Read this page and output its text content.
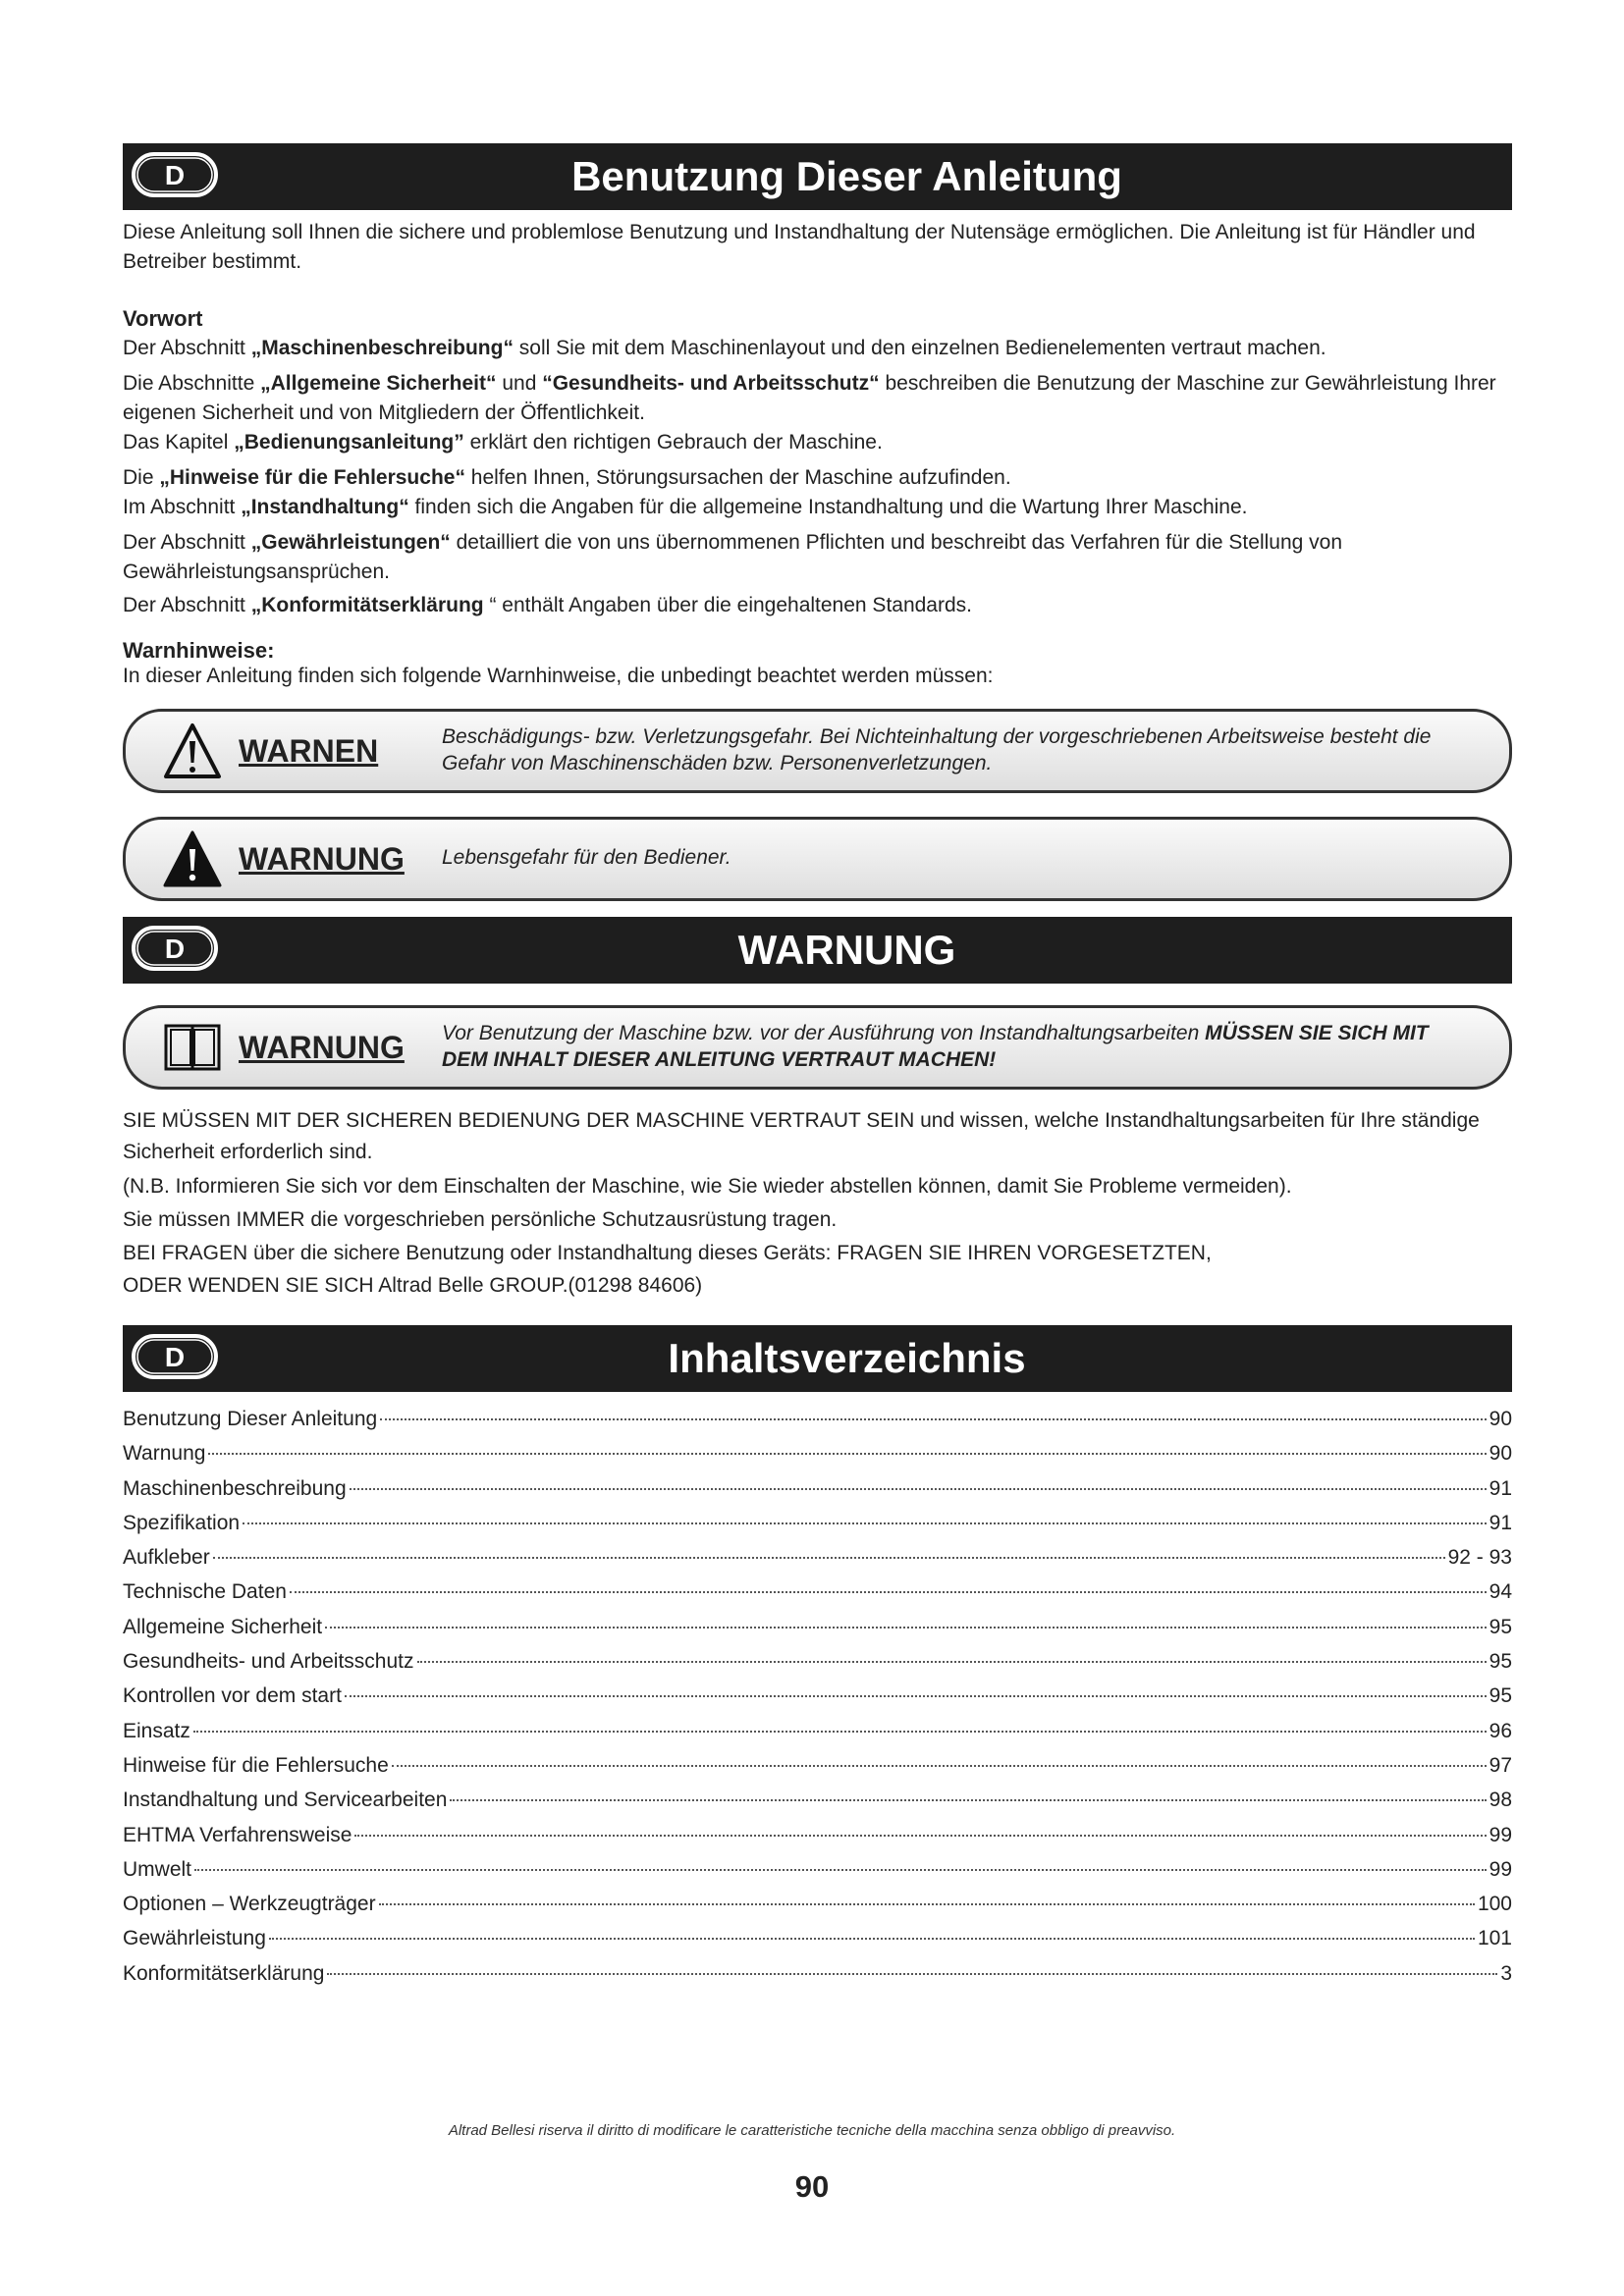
D	Benutzung Dieser Anleitung

Diese Anleitung soll Ihnen die sichere und problemlose Benutzung und Instandhaltung der Nutensäge ermöglichen. Die Anleitung ist für Händler und Betreiber bestimmt.

Vorwort

Der Abschnitt „Maschinenbeschreibung“ soll Sie mit dem Maschinenlayout und den einzelnen Bedienelementen vertraut machen.

Die Abschnitte „Allgemeine Sicherheit“ und “Gesundheits- und Arbeitsschutz“ beschreiben die Benutzung der Maschine zur Gewährleistung Ihrer eigenen Sicherheit und von Mitgliedern der Öffentlichkeit.

Das Kapitel „Bedienungsanleitung” erklärt den richtigen Gebrauch der Maschine.

Die „Hinweise für die Fehlersuche“ helfen Ihnen, Störungsursachen der Maschine aufzufinden.

Im Abschnitt „Instandhaltung“ finden sich die Angaben für die allgemeine Instandhaltung und die Wartung Ihrer Maschine.

Der Abschnitt „Gewährleistungen“ detailliert die von uns übernommenen Pflichten und beschreibt das Verfahren für die Stellung von Gewährleistungsansprüchen.

Der Abschnitt „Konformitätserklärung “ enthält Angaben über die eingehaltenen Standards.

Warnhinweise:

In dieser Anleitung finden sich folgende Warnhinweise, die unbedingt beachtet werden müssen:

WARNEN	Beschädigungs- bzw. Verletzungsgefahr. Bei Nichteinhaltung der vorgeschriebenen Arbeitsweise besteht die Gefahr von Maschinenschäden bzw. Personenverletzungen.
WARNUNG Lebensgefahr für den Bediener.
D	WARNUNG
WARNUNG Vor Benutzung der Maschine bzw. vor der Ausführung von Instandhaltungsarbeiten MÜSSEN SIE SICH MIT DEM INHALT DIESER ANLEITUNG VERTRAUT MACHEN!

SIE MÜSSEN MIT DER SICHEREN BEDIENUNG DER MASCHINE VERTRAUT SEIN und wissen, welche Instandhaltungsarbeiten für Ihre ständige Sicherheit erforderlich sind.

(N.B. Informieren Sie sich vor dem Einschalten der Maschine, wie Sie wieder abstellen können, damit Sie Probleme vermeiden).

Sie müssen IMMER die vorgeschrieben persönliche Schutzausrüstung tragen.

BEI FRAGEN über die sichere Benutzung oder Instandhaltung dieses Geräts: FRAGEN SIE IHREN VORGESETZTEN,

ODER WENDEN SIE SICH Altrad Belle GROUP.(01298 84606)

D	Inhaltsverzeichnis
Benutzung Dieser Anleitung	90
Warnung	90
Maschinenbeschreibung	91
Spezifikation	91
Aufkleber	92 - 93
Technische Daten	94
Allgemeine Sicherheit	95
Gesundheits- und Arbeitsschutz	95
Kontrollen vor dem start	95
Einsatz	96
Hinweise für die Fehlersuche	97
Instandhaltung und Servicearbeiten	98
EHTMA Verfahrensweise	99
Umwelt	99
Optionen – Werkzeugträger	100
Gewährleistung	101
Konformitätserklärung	3
Altrad Bellesi riserva il diritto di modificare le caratteristiche tecniche della macchina senza obbligo di preavviso.
90
